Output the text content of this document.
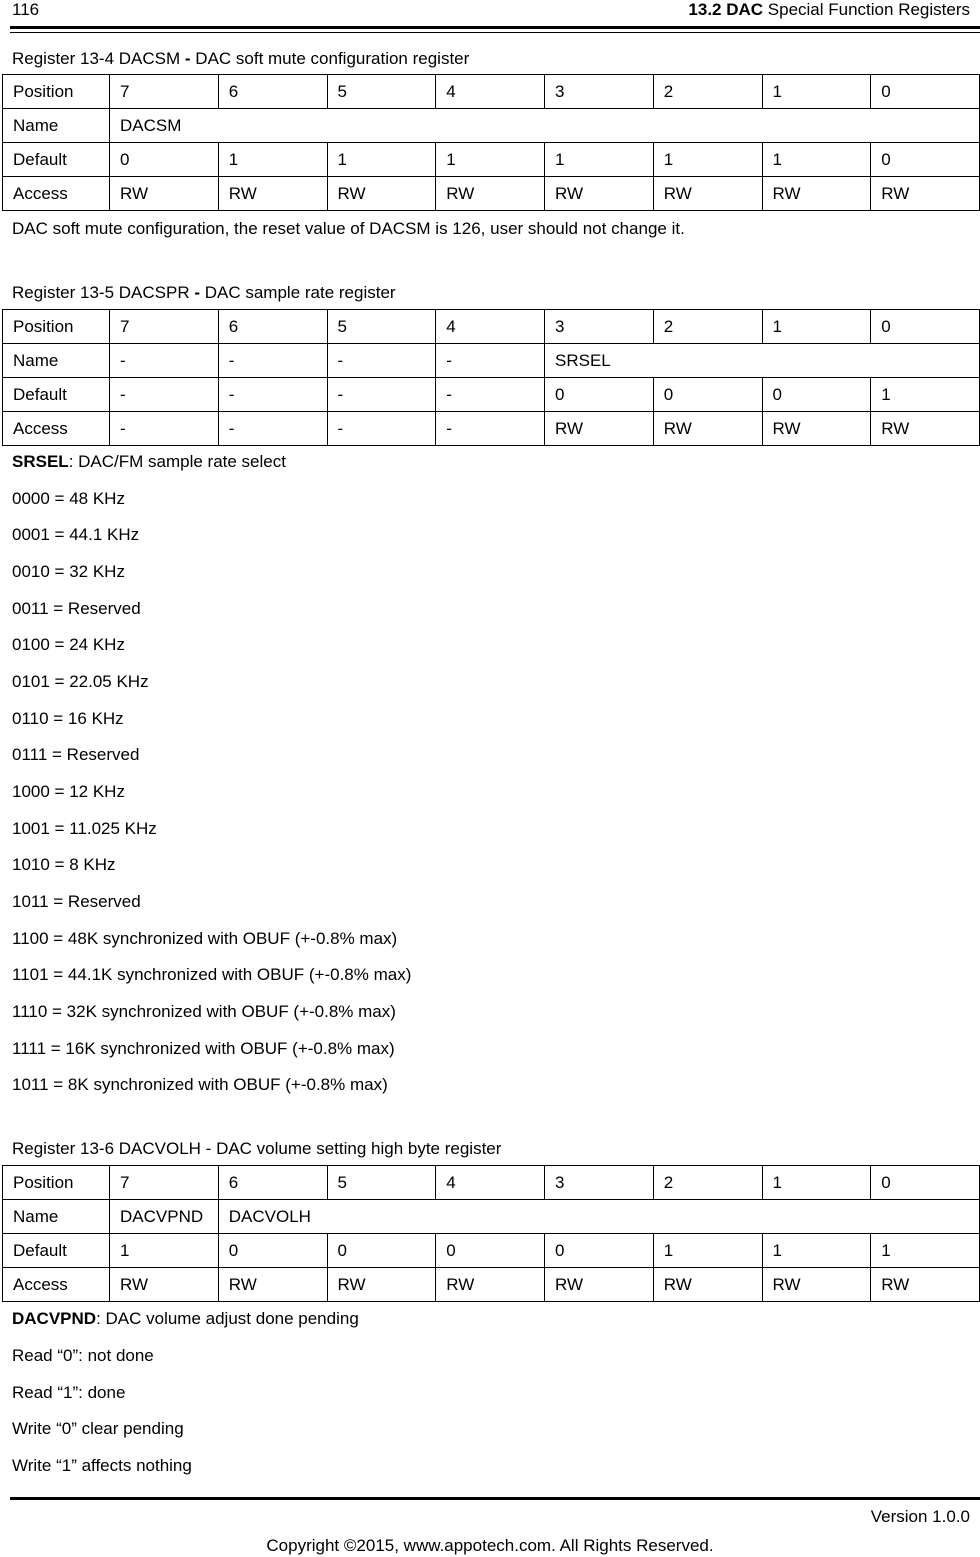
116	13.2 DAC Special Function Registers
Register 13-4 DACSM - DAC soft mute configuration register
Position	7	6	5	4	3	2	1	0
Name	DACSM							
Default	0	1	1	1	1	1	1	0
Access	RW	RW	RW	RW	RW	RW	RW	RW
DAC soft mute configuration, the reset value of DACSM is 126, user should not change it.
Register 13-5 DACSPR - DAC sample rate register
Position	7	6	5	4	3	2	1	0
Name	-	-	-	-	SRSEL			
Default	-	-	-	-	0	0	0	1
Access	-	-	-	-	RW	RW	RW	RW
SRSEL: DAC/FM sample rate select
0000 = 48 KHz
0001 = 44.1 KHz
0010 = 32 KHz
0011 = Reserved
0100 = 24 KHz
0101 = 22.05 KHz
0110 = 16 KHz
0111 = Reserved
1000 = 12 KHz
1001 = 11.025 KHz
1010 = 8 KHz
1011 = Reserved
1100 = 48K synchronized with OBUF (+-0.8% max)
1101 = 44.1K synchronized with OBUF (+-0.8% max)
1110 = 32K synchronized with OBUF (+-0.8% max)
1111 = 16K synchronized with OBUF (+-0.8% max)
1011 = 8K synchronized with OBUF (+-0.8% max)
Register 13-6 DACVOLH - DAC volume setting high byte register
Position	7	6	5	4	3	2	1	0
Name	DACVPND	DACVOLH						
Default	1	0	0	0	0	1	1	1
Access	RW	RW	RW	RW	RW	RW	RW	RW
DACVPND: DAC volume adjust done pending
Read “0”: not done
Read “1”: done
Write “0” clear pending
Write “1” affects nothing
Version 1.0.0
Copyright ©2015, www.appotech.com. All Rights Reserved.
